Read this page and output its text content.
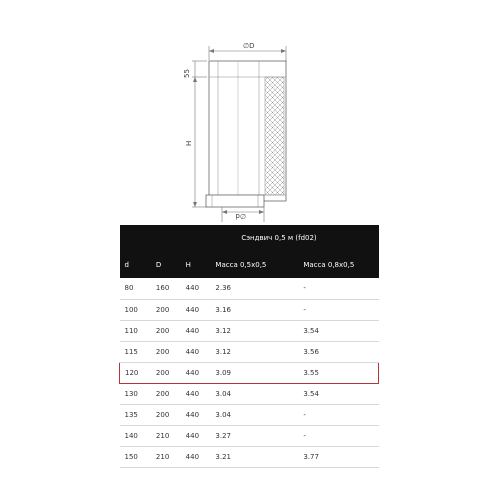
∅D
55
H
∅d
Сэндвич 0,5 м (fd02)				
d	D	H	Масса 0,5x0,5	Масса 0,8x0,5
80	160	440	2.36	-
100	200	440	3.16	-
110	200	440	3.12	3.54
115	200	440	3.12	3.56
120	200	440	3.09	3.55
130	200	440	3.04	3.54
135	200	440	3.04	-
140	210	440	3.27	-
150	210	440	3.21	3.77
